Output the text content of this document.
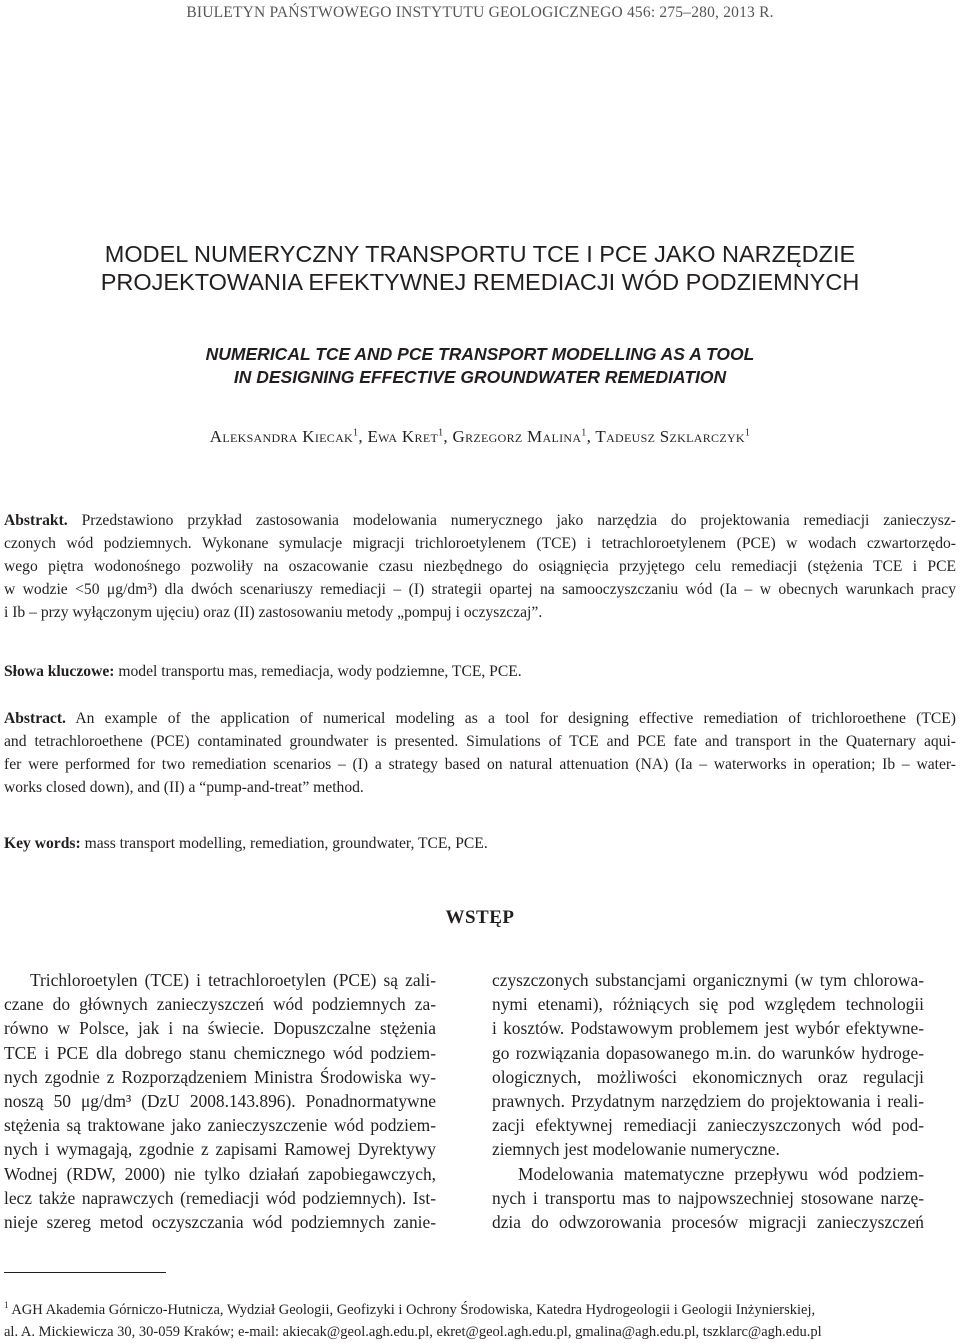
BIULETYN PAŃSTWOWEGO INSTYTUTU GEOLOGICZNEGO 456: 275–280, 2013 R.
MODEL NUMERYCZNY TRANSPORTU TCE I PCE JAKO NARZĘDZIE
PROJEKTOWANIA EFEKTYWNEJ REMEDIACJI WÓD PODZIEMNYCH
NUMERICAL TCE AND PCE TRANSPORT MODELLING AS A TOOL
IN DESIGNING EFFECTIVE GROUNDWATER REMEDIATION
Aleksandra Kiecak$^1$, Ewa Kret$^1$, Grzegorz Malina$^1$, Tadeusz Szklarczyk$^1$
Abstrakt. Przedstawiono przykład zastosowania modelowania numerycznego jako narzędzia do projektowania remediacji zanieczysz-
czonych wód podziemnych. Wykonane symulacje migracji trichloroetylenem (TCE) i tetrachloroetylenem (PCE) w wodach czwartorzędo-
wego piętra wodonośnego pozwoliły na oszacowanie czasu niezbędnego do osiągnięcia przyjętego celu remediacji (stężenia TCE i PCE
w wodzie <50 μg/dm³) dla dwóch scenariuszy remediacji – (I) strategii opartej na samooczyszczaniu wód (Ia – w obecnych warunkach pracy
i Ib – przy wyłączonym ujęciu) oraz (II) zastosowaniu metody „pompuj i oczyszczaj”.
Słowa kluczowe: model transportu mas, remediacja, wody podziemne, TCE, PCE.
Abstract. An example of the application of numerical modeling as a tool for designing effective remediation of trichloroethene (TCE)
and tetrachloroethene (PCE) contaminated groundwater is presented. Simulations of TCE and PCE fate and transport in the Quaternary aqui-
fer were performed for two remediation scenarios – (I) a strategy based on natural attenuation (NA) (Ia – waterworks in operation; Ib – water-
works closed down), and (II) a “pump-and-treat” method.
Key words: mass transport modelling, remediation, groundwater, TCE, PCE.
WSTĘP
Trichloroetylen (TCE) i tetrachloroetylen (PCE) są zali-
czane do głównych zanieczyszczeń wód podziemnych za-
równo w Polsce, jak i na świecie. Dopuszczalne stężenia
TCE i PCE dla dobrego stanu chemicznego wód podziem-
nych zgodnie z Rozporządzeniem Ministra Środowiska wy-
noszą 50 μg/dm³ (DzU 2008.143.896). Ponadnormatywne
stężenia są traktowane jako zanieczyszczenie wód podziem-
nych i wymagają, zgodnie z zapisami Ramowej Dyrektywy
Wodnej (RDW, 2000) nie tylko działań zapobiegawczych,
lecz także naprawczych (remediacji wód podziemnych). Ist-
nieje szereg metod oczyszczania wód podziemnych zanie-
czyszczonych substancjami organicznymi (w tym chlorowa-
nymi etenami), różniących się pod względem technologii
i kosztów. Podstawowym problemem jest wybór efektywne-
go rozwiązania dopasowanego m.in. do warunków hydroge-
ologicznych, możliwości ekonomicznych oraz regulacji
prawnych. Przydatnym narzędziem do projektowania i reali-
zacji efektywnej remediacji zanieczyszczonych wód pod-
ziemnych jest modelowanie numeryczne.
Modelowania matematyczne przepływu wód podziem-
nych i transportu mas to najpowszechniej stosowane narzę-
dzia do odwzorowania procesów migracji zanieczyszczeń
$^1$ AGH Akademia Górniczo-Hutnicza, Wydział Geologii, Geofizyki i Ochrony Środowiska, Katedra Hydrogeologii i Geologii Inżynierskiej,
al. A. Mickiewicza 30, 30-059 Kraków; e-mail: akiecak@geol.agh.edu.pl, ekret@geol.agh.edu.pl, gmalina@agh.edu.pl, tszklarc@agh.edu.pl
